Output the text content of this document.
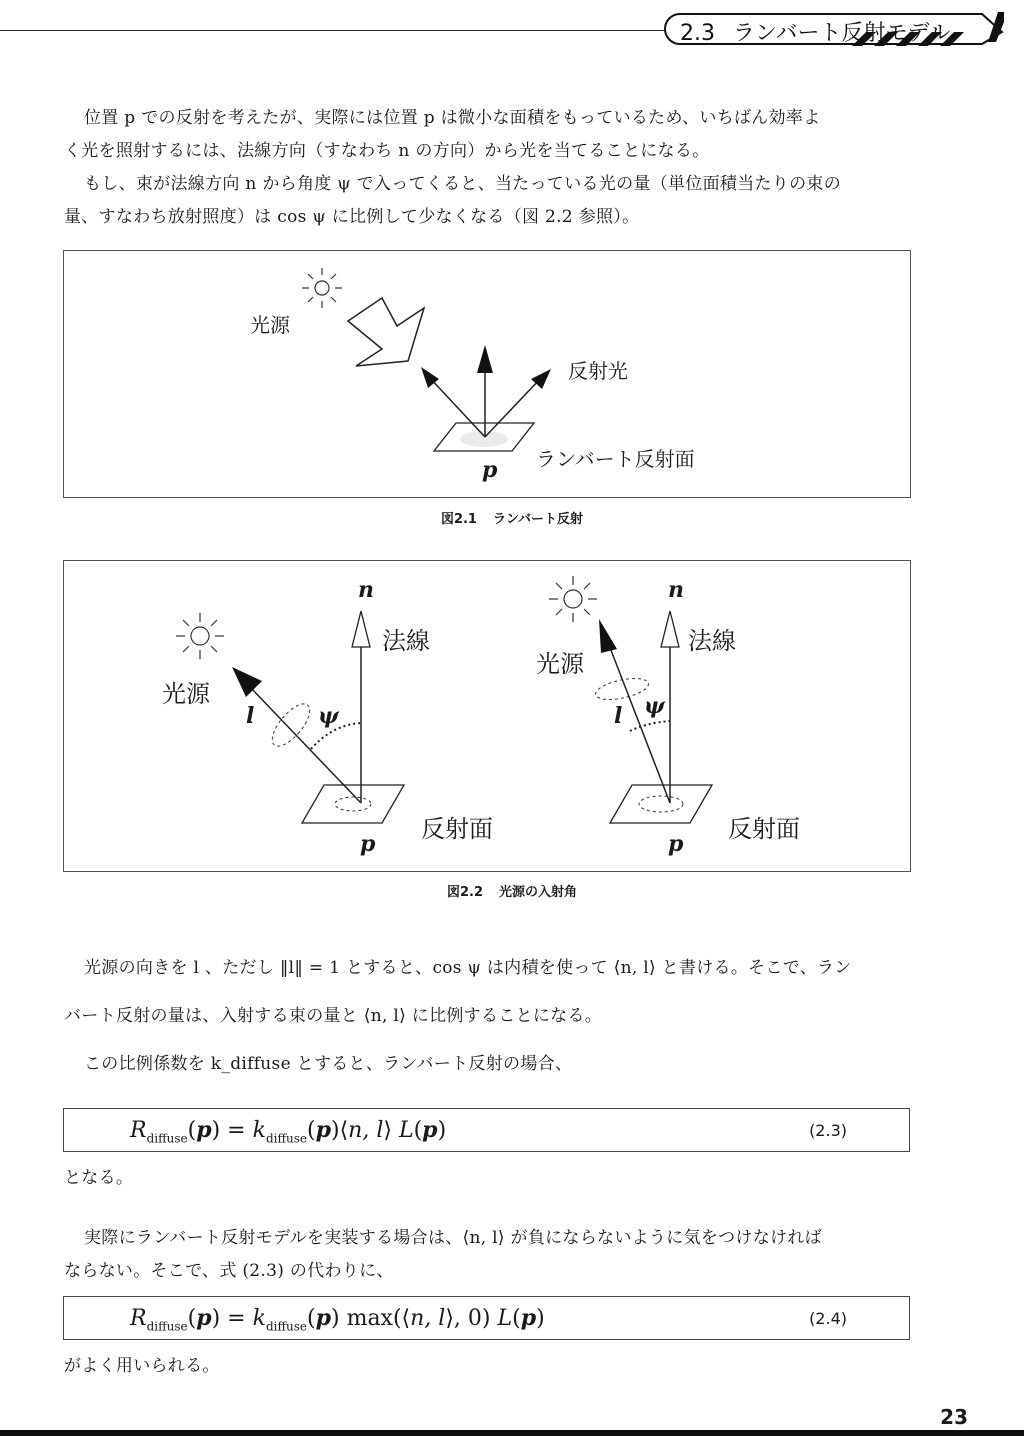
2.3 ランバート反射モデル
位置 p での反射を考えたが、実際には位置 p は微小な面積をもっているため、いちばん効率よ
く光を照射するには、法線方向（すなわち n の方向）から光を当てることになる。
もし、束が法線方向 n から角度 ψ で入ってくると、当たっている光の量（単位面積当たりの束の
量、すなわち放射照度）は cos ψ に比例して少なくなる（図 2.2 参照）。
光源
反射光
ランバート反射面
p
図2.1 ランバート反射
光源
法線
n
l	ψ
反射面
p
光源
法線
n
l ψ
反射面
p
図2.2 光源の入射角
光源の向きを l 、ただし ‖l‖ = 1 とすると、cos ψ は内積を使って ⟨n, l⟩ と書ける。そこで、ラン
バート反射の量は、入射する束の量と ⟨n, l⟩ に比例することになる。
この比例係数を k_diffuse とすると、ランバート反射の場合、
$R_{diffuse}(p)$ = $k_{diffuse}(p)⟨n$, l⟩ L(p)	(2.3)
となる。
実際にランバート反射モデルを実装する場合は、⟨n, l⟩ が負にならないように気をつけなければ
ならない。そこで、式 (2.3) の代わりに、
$R_{diffuse}(p) = k_{diffuse}(p)$ max(⟨n, l⟩, 0) L(p)	(2.4)
がよく用いられる。
23
